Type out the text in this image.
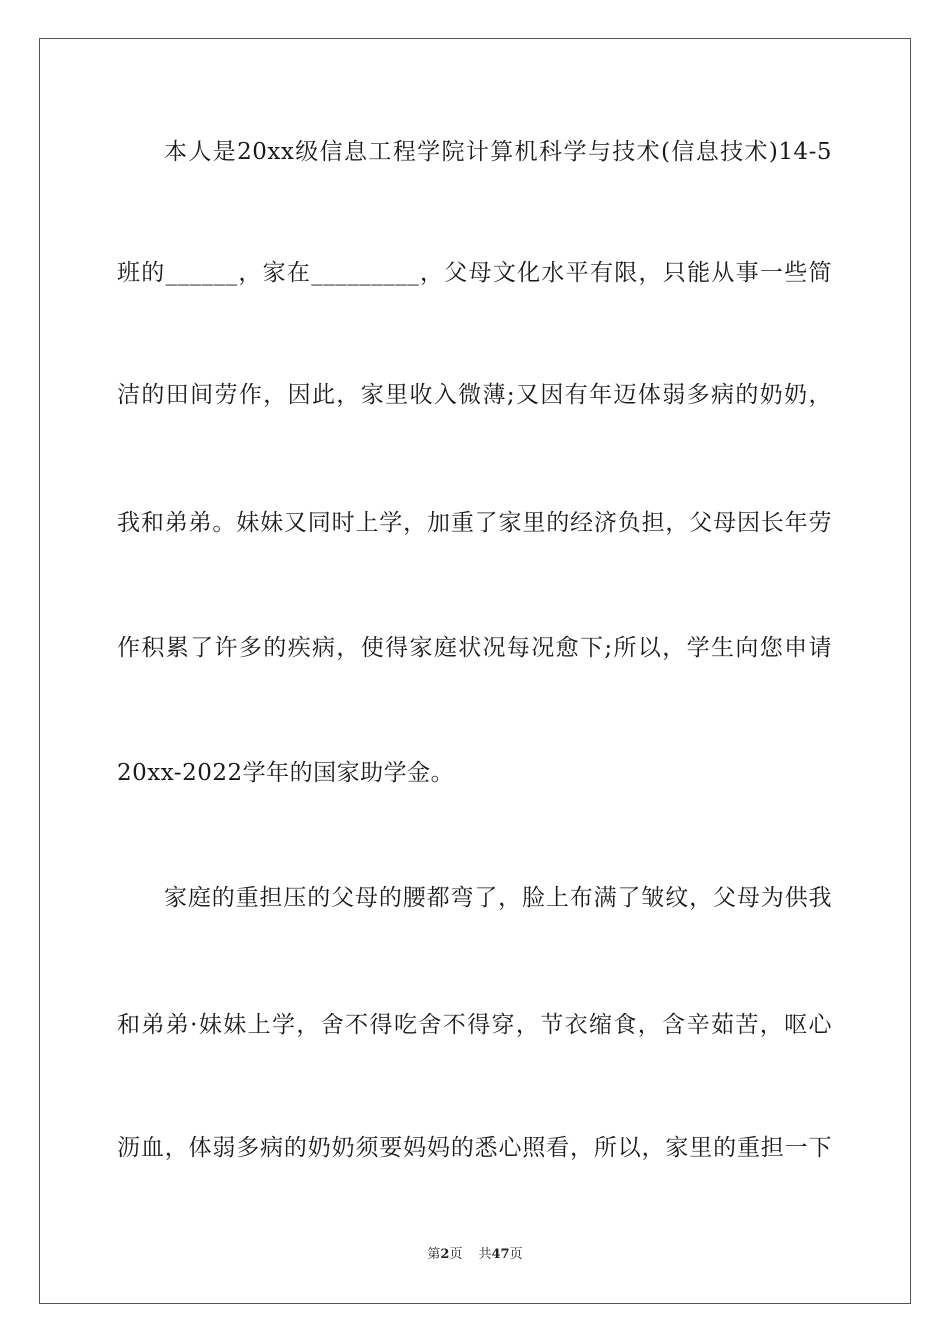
本人是20xx级信息工程学院计算机科学与技术(信息技术)14-5
班的______，家在_________，父母文化水平有限，只能从事一些简
洁的田间劳作，因此，家里收入微薄;又因有年迈体弱多病的奶奶，
我和弟弟。妹妹又同时上学，加重了家里的经济负担，父母因长年劳
作积累了许多的疾病，使得家庭状况每况愈下;所以，学生向您申请
20xx-2022学年的国家助学金。
家庭的重担压的父母的腰都弯了，脸上布满了皱纹，父母为供我
和弟弟·妹妹上学，舍不得吃舍不得穿，节衣缩食，含辛茹苦，呕心
沥血，体弱多病的奶奶须要妈妈的悉心照看，所以，家里的重担一下
第2页 共47页
